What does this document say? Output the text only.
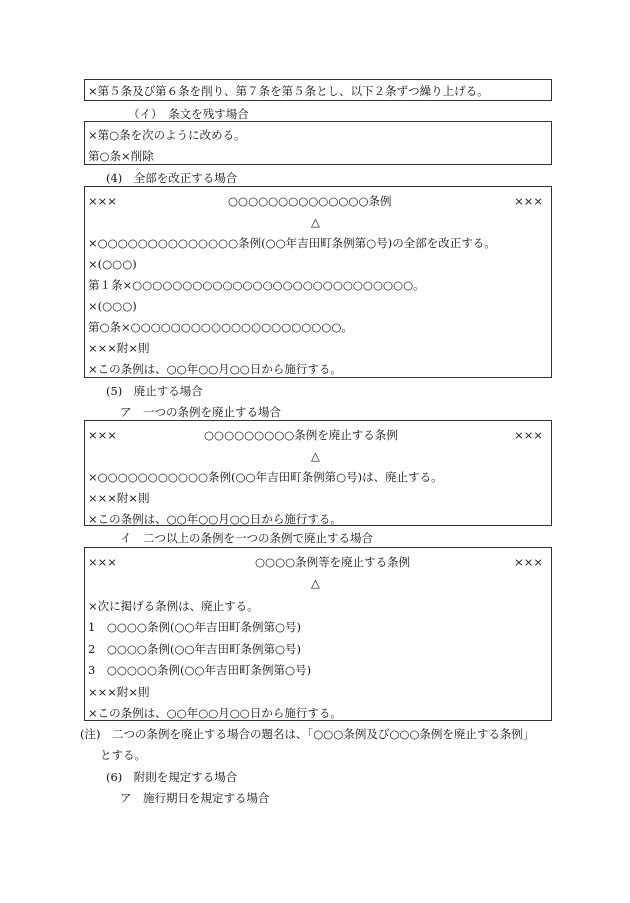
×第５条及び第６条を削り、第７条を第５条とし、以下２条ずつ繰り上げる。
（イ）　条文を残す場合
×第○条を次のように改める。
第○条×削除
(4)　全部を改正する場合
×××	○○○○○○○○○○○○○○条例	×××
△
×○○○○○○○○○○○○○○条例(○○年吉田町条例第○号)の全部を改正する。
×(○○○)
第１条×○○○○○○○○○○○○○○○○○○○○○○○○○○○○。
×(○○○)
第○条×○○○○○○○○○○○○○○○○○○○○○。
×××附×則
×この条例は、○○年○○月○○日から施行する。
(5)　廃止する場合
ア　一つの条例を廃止する場合
×××	○○○○○○○○○条例を廃止する条例	×××
△
×○○○○○○○○○○○条例(○○年吉田町条例第○号)は、廃止する。
×××附×則
×この条例は、○○年○○月○○日から施行する。
イ　二つ以上の条例を一つの条例で廃止する場合
×××	○○○○条例等を廃止する条例	×××
△
×次に掲げる条例は、廃止する。
1　○○○○条例(○○年吉田町条例第○号)
2　○○○○条例(○○年吉田町条例第○号)
3　○○○○○条例(○○年吉田町条例第○号)
×××附×則
×この条例は、○○年○○月○○日から施行する。
(注)　二つの条例を廃止する場合の題名は、「○○○条例及び○○○条例を廃止する条例」
とする。
(6)　附則を規定する場合
ア　施行期日を規定する場合
